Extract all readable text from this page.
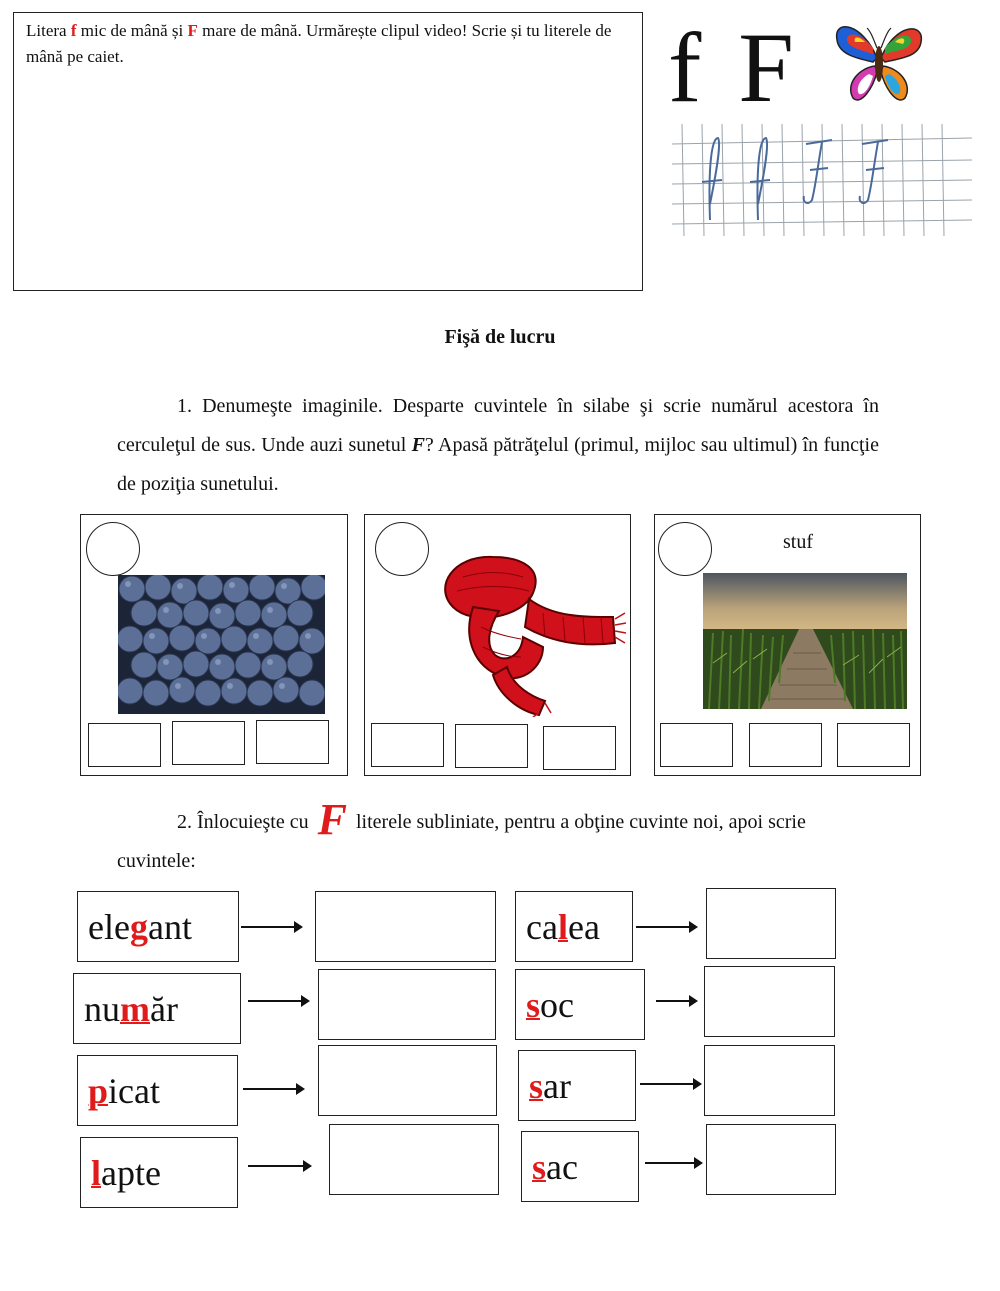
Litera f mic de mână și F mare de mână. Urmărește clipul video! Scrie și tu literele de mână pe caiet.	f F
Fişă de lucru
1. Denumeşte imaginile. Desparte cuvintele în silabe şi scrie numărul acestora în cerculeţul de sus. Unde auzi sunetul F? Apasă pătrăţelul (primul, mijloc sau ultimul) în funcţie de poziţia sunetului.
stuf
2. Înlocuieşte cu F literele subliniate, pentru a obţine cuvinte noi, apoi scrie cuvintele:
ele g ant
nu m ăr
p icat
l apte
ca l ea
s oc
s ar
s ac
